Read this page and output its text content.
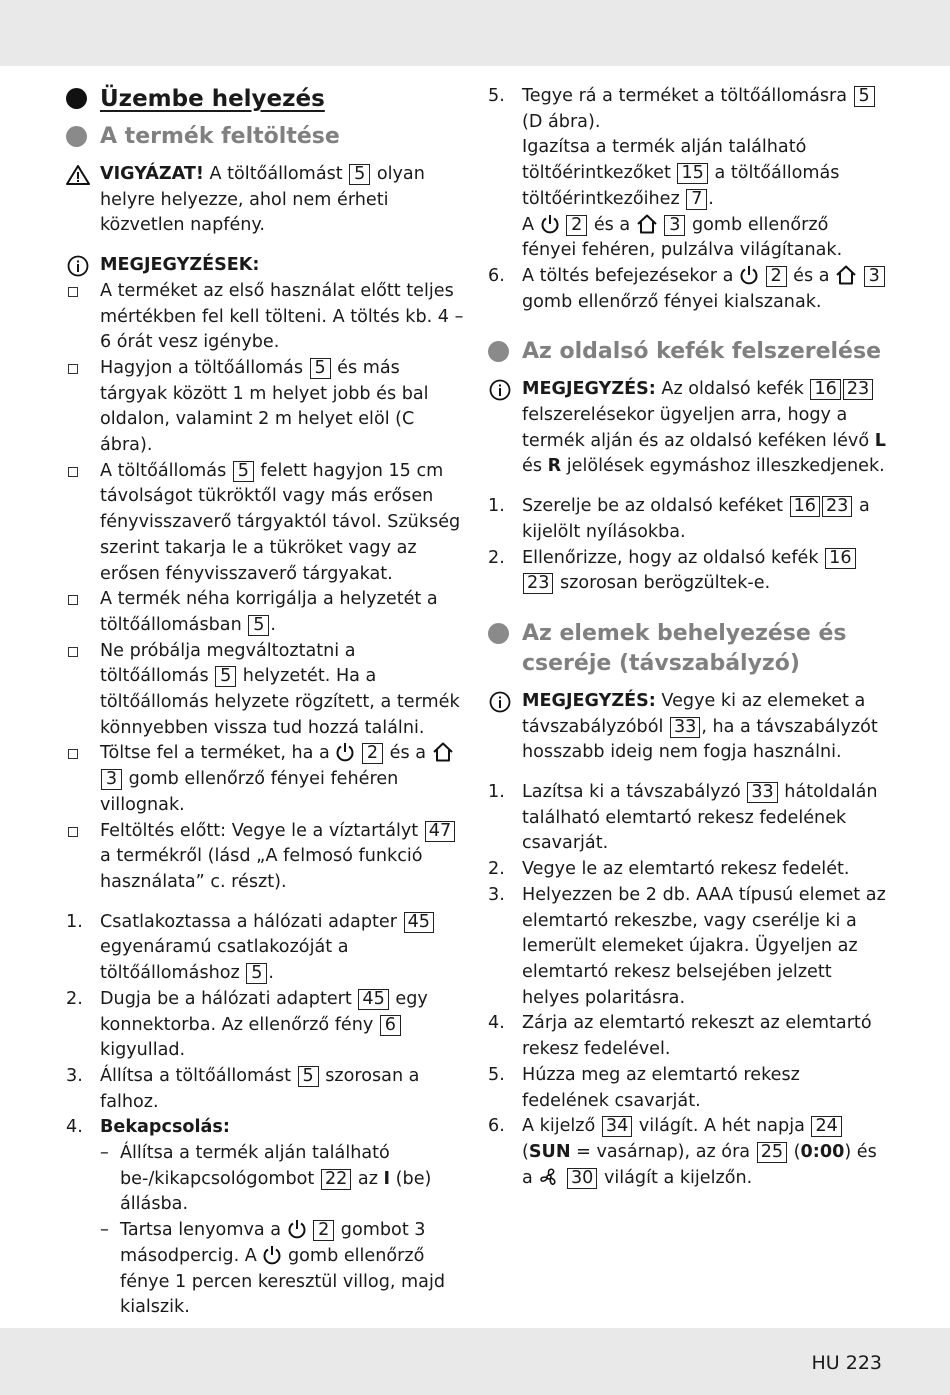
Üzembe helyezés
A termék feltöltése
VIGYÁZAT! A töltőállomást 5 olyan helyre helyezze, ahol nem érheti közvetlen napfény.
MEGJEGYZÉSEK:
A terméket az első használat előtt teljes mértékben fel kell tölteni. A töltés kb. 4 – 6 órát vesz igénybe.
Hagyjon a töltőállomás 5 és más tárgyak között 1 m helyet jobb és bal oldalon, valamint 2 m helyet elöl (C ábra).
A töltőállomás 5 felett hagyjon 15 cm távolságot tükröktől vagy más erősen fényvisszaverő tárgyaktól távol. Szükség szerint takarja le a tükröket vagy az erősen fényvisszaverő tárgyakat.
A termék néha korrigálja a helyzetét a töltőállomásban 5 .
Ne próbálja megváltoztatni a töltőállomás 5 helyzetét. Ha a töltőállomás helyzete rögzített, a termék könnyebben vissza tud hozzá találni.
Töltse fel a terméket, ha a  2 és a  3 gomb ellenőrző fényei fehéren villognak.
Feltöltés előtt: Vegye le a víztartályt 47 a termékről (lásd „A felmosó funkció használata” c. részt).
1. Csatlakoztassa a hálózati adapter 45 egyenáramú csatlakozóját a töltőállomáshoz 5 .
2. Dugja be a hálózati adaptert 45 egy konnektorba. Az ellenőrző fény 6 kigyullad.
3. Állítsa a töltőállomást 5 szorosan a falhoz.
4. Bekapcsolás:
– Állítsa a termék alján található be-/kikapcsológombot 22 az I (be) állásba.
– Tartsa lenyomva a  2 gombot 3 másodpercig. A  gomb ellenőrző fénye 1 percen keresztül villog, majd kialszik.
5. Tegye rá a terméket a töltőállomásra 5 (D ábra).
Igazítsa a termék alján található töltőérintkezőket 15 a töltőállomás töltőérintkezőihez 7 .
A  2 és a  3 gomb ellenőrző fényei fehéren, pulzálva világítanak.
6. A töltés befejezésekor a  2 és a  3 gomb ellenőrző fényei kialszanak.
Az oldalsó kefék felszerelése
MEGJEGYZÉS: Az oldalsó kefék 16 23 felszerelésekor ügyeljen arra, hogy a termék alján és az oldalsó keféken lévő L és R jelölések egymáshoz illeszkedjenek.
1. Szerelje be az oldalsó keféket 16 23 a kijelölt nyílásokba.
2. Ellenőrizze, hogy az oldalsó kefék 1623 szorosan berögzültek-e.
Az elemek behelyezése és cseréje (távszabályzó)
MEGJEGYZÉS: Vegye ki az elemeket a távszabályzóból 33 , ha a távszabályzót hosszabb ideig nem fogja használni.
1. Lazítsa ki a távszabályzó 33 hátoldalán található elemtartó rekesz fedelének csavarját.
2. Vegye le az elemtartó rekesz fedelét.
3. Helyezzen be 2 db. AAA típusú elemet az elemtartó rekeszbe, vagy cserélje ki a lemerült elemeket újakra. Ügyeljen az elemtartó rekesz belsejében jelzett helyes polaritásra.
4. Zárja az elemtartó rekeszt az elemtartó rekesz fedelével.
5. Húzza meg az elemtartó rekesz fedelének csavarját.
6. A kijelző 34 világít. A hét napja 24 (SUN = vasárnap), az óra 25 (0:00) és a  30 világít a kijelzőn.
HU 223
